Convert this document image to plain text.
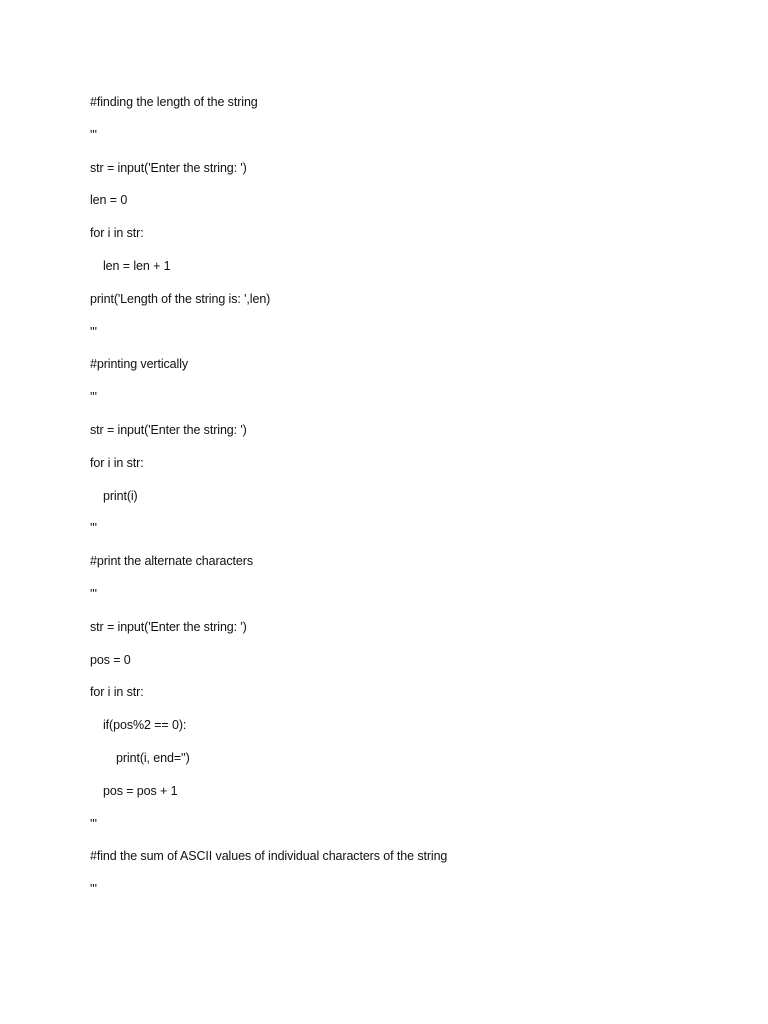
#finding the length of the string
'''
str = input('Enter the string: ')
len = 0
for i in str:
len = len + 1
print('Length of the string is: ',len)
'''
#printing vertically
'''
str = input('Enter the string: ')
for i in str:
print(i)
'''
#print the alternate characters
'''
str = input('Enter the string: ')
pos = 0
for i in str:
if(pos%2 == 0):
print(i, end='')
pos = pos + 1
'''
#find the sum of ASCII values of individual characters of the string
'''
